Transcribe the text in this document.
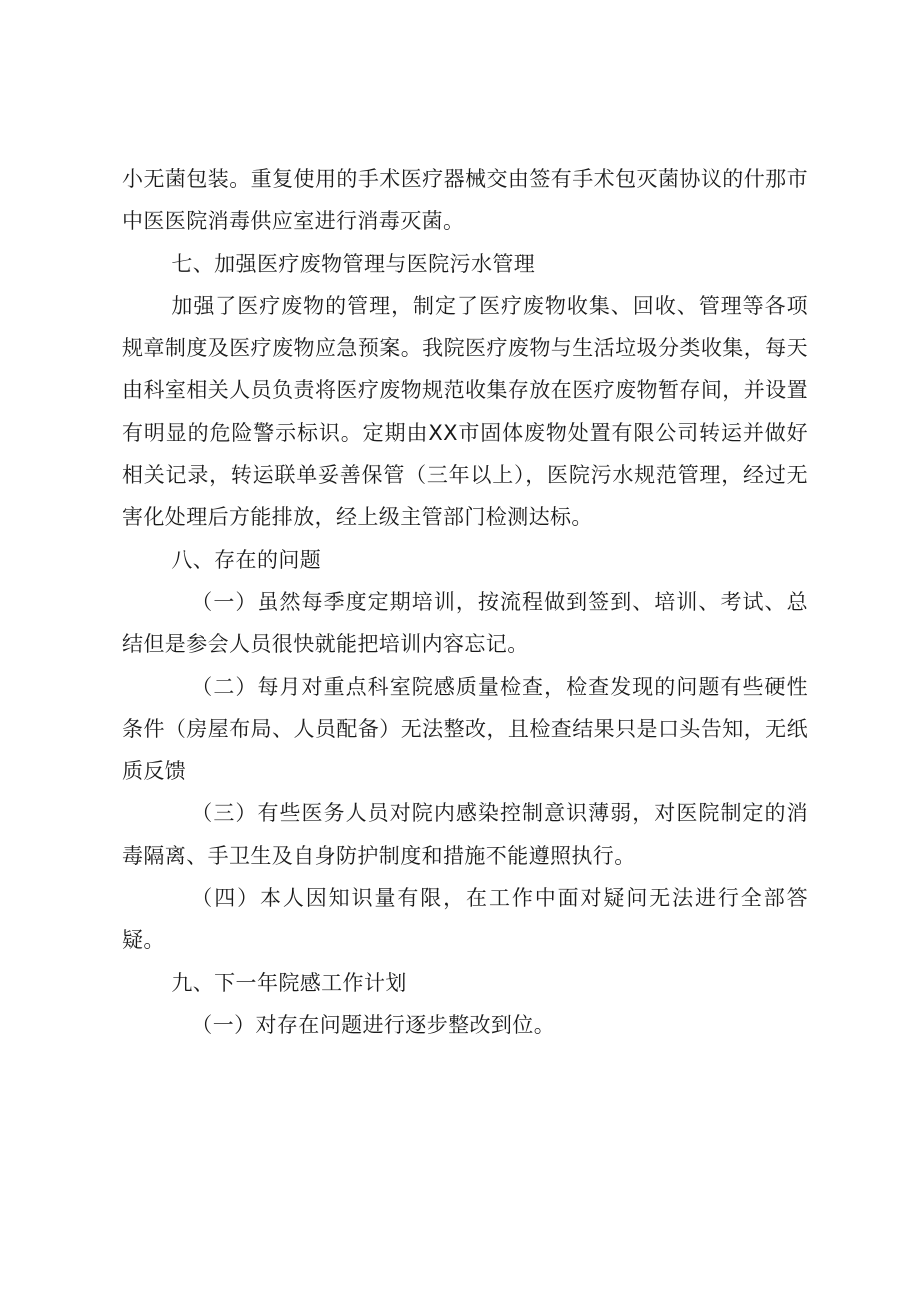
小无菌包装。重复使用的手术医疗器械交由签有手术包灭菌协议的什那市中医医院消毒供应室进行消毒灭菌。

七、加强医疗废物管理与医院污水管理

加强了医疗废物的管理，制定了医疗废物收集、回收、管理等各项规章制度及医疗废物应急预案。我院医疗废物与生活垃圾分类收集，每天由科室相关人员负责将医疗废物规范收集存放在医疗废物暂存间，并设置有明显的危险警示标识。定期由XX市固体废物处置有限公司转运并做好相关记录，转运联单妥善保管（三年以上），医院污水规范管理，经过无害化处理后方能排放，经上级主管部门检测达标。

八、存在的问题

（一）虽然每季度定期培训，按流程做到签到、培训、考试、总结但是参会人员很快就能把培训内容忘记。

（二）每月对重点科室院感质量检查，检查发现的问题有些硬性条件（房屋布局、人员配备）无法整改，且检查结果只是口头告知，无纸质反馈

（三）有些医务人员对院内感染控制意识薄弱，对医院制定的消毒隔离、手卫生及自身防护制度和措施不能遵照执行。

（四）本人因知识量有限，在工作中面对疑问无法进行全部答疑。

九、下一年院感工作计划

（一）对存在问题进行逐步整改到位。
